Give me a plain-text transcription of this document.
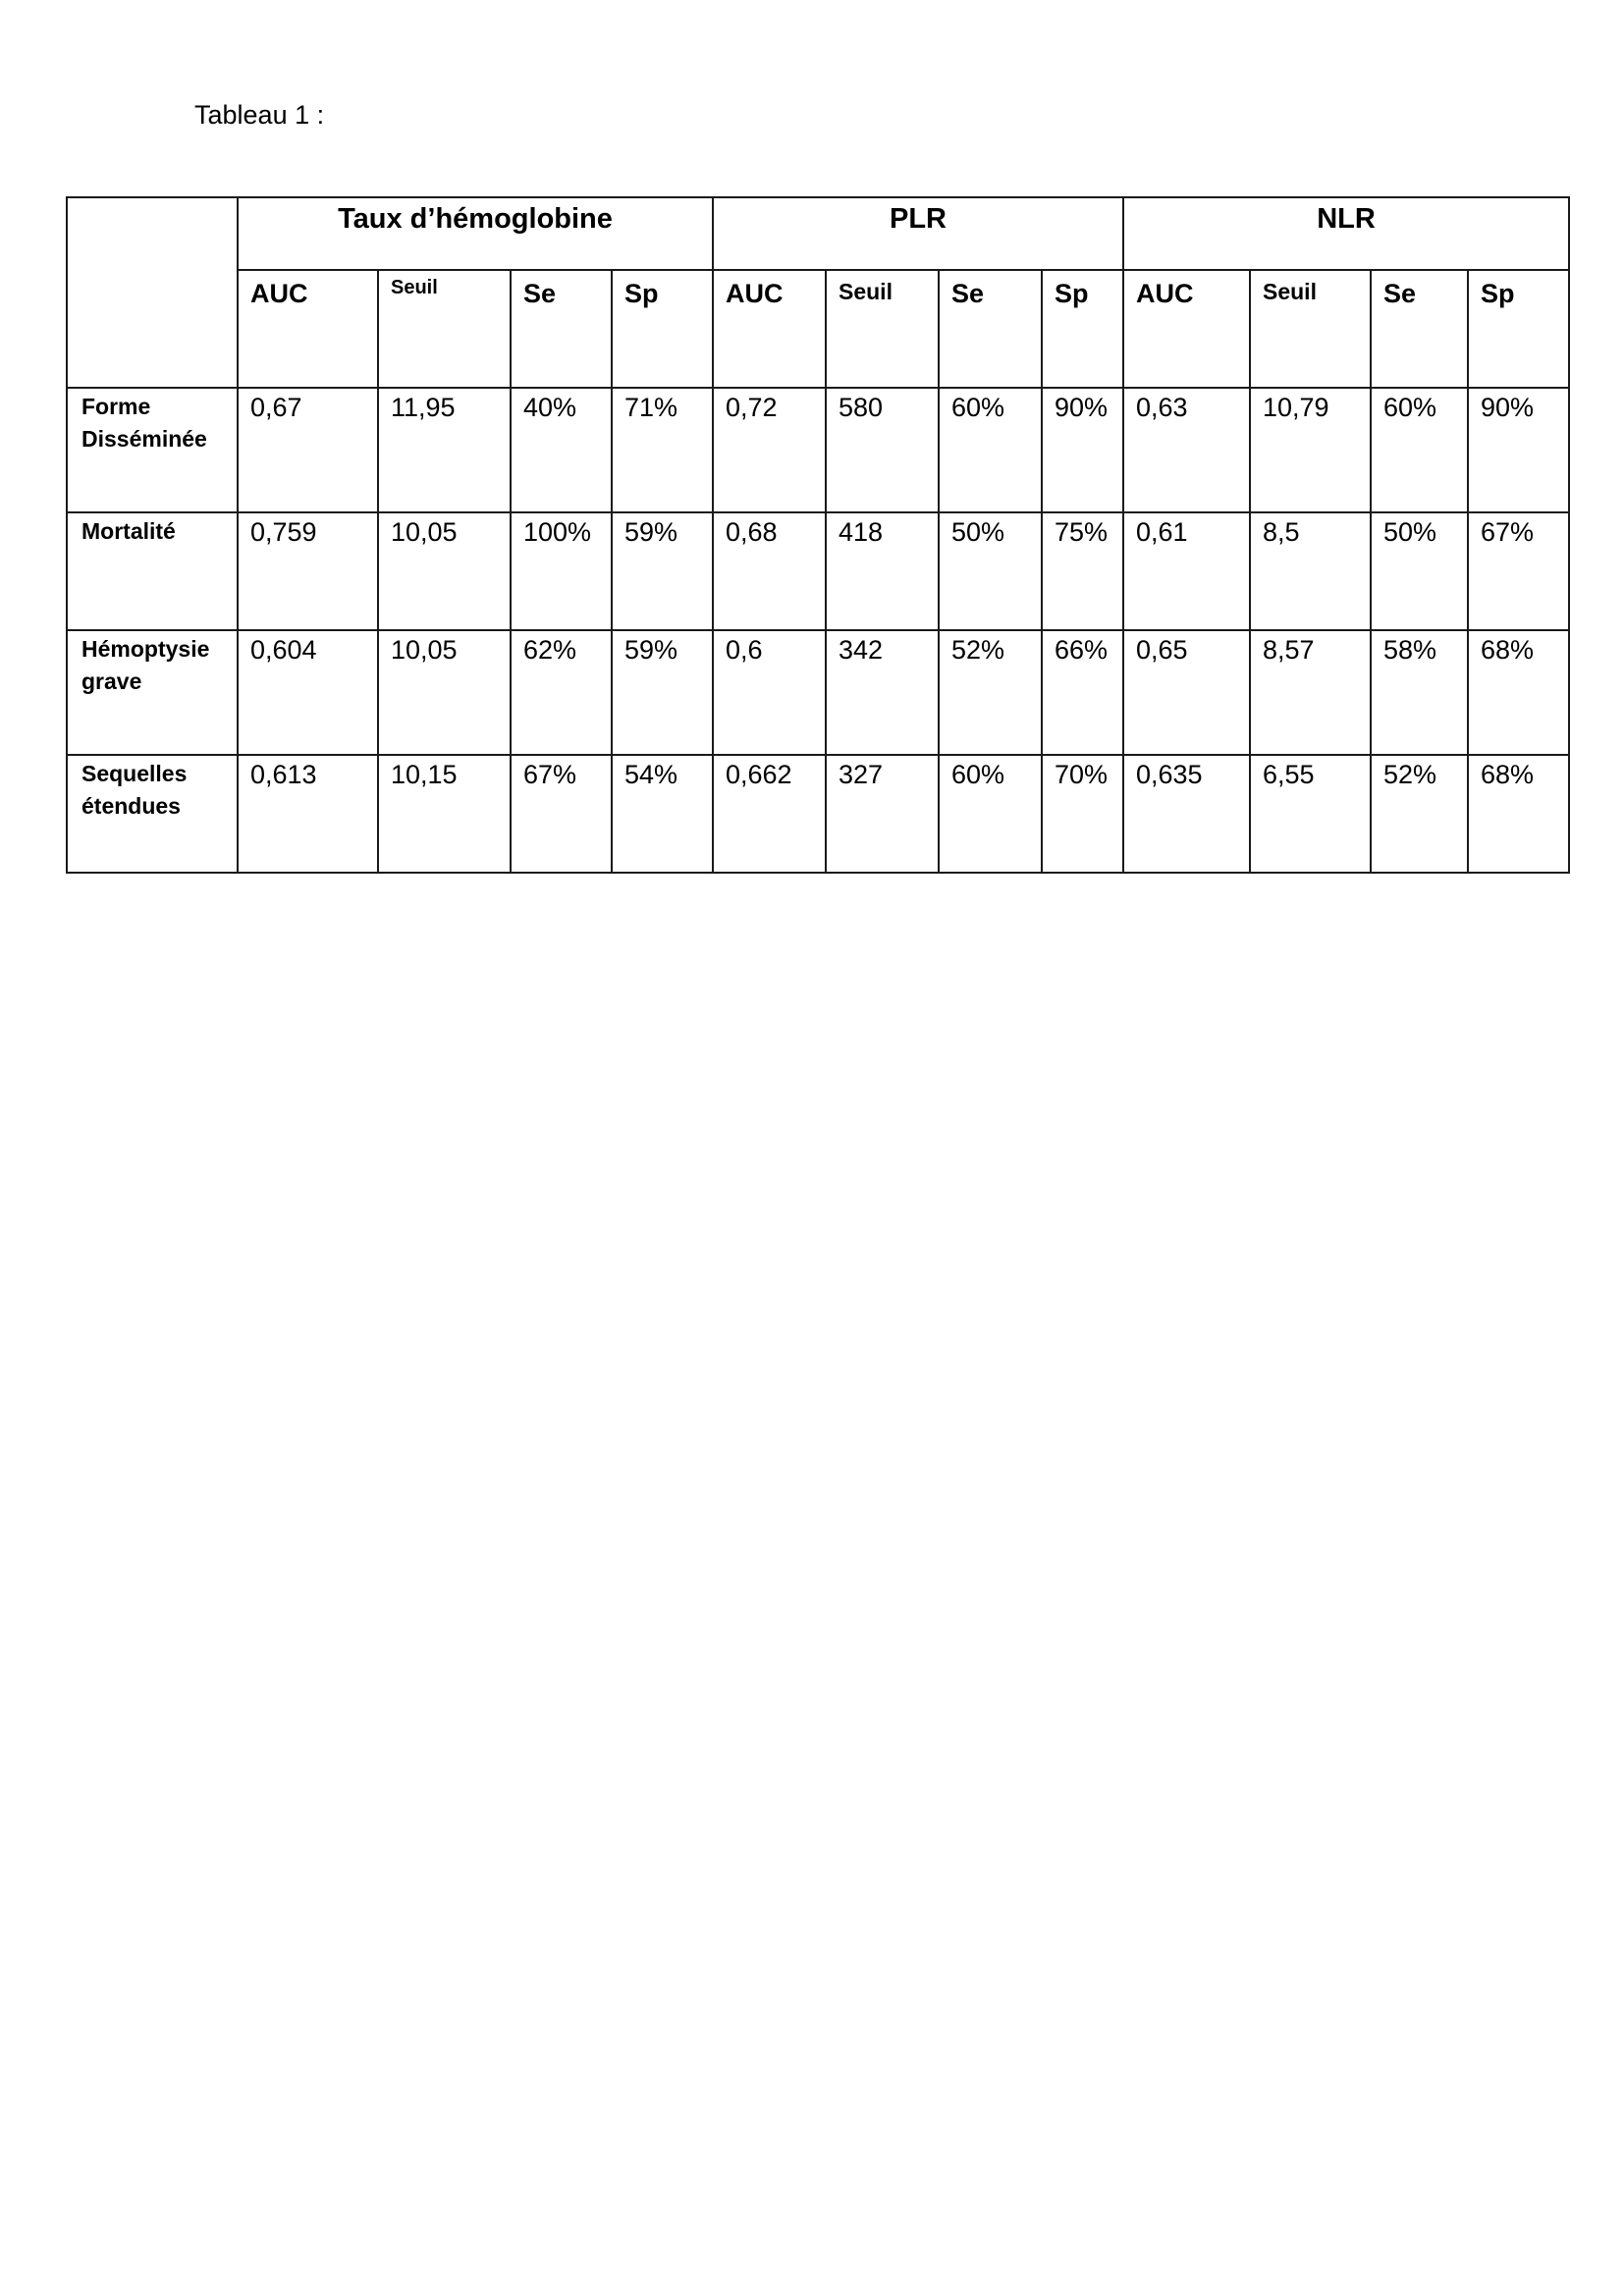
Tableau 1 :
	Taux d’hémoglobine				PLR				NLR			
	AUC	Seuil	Se	Sp	AUC	Seuil	Se	Sp	AUC	Seuil	Se	Sp

Forme
Disséminée	0,67	11,95	40%	71%	0,72	580	60%	90%	0,63	10,79	60%	90%

Mortalité	0,759	10,05	100%	59%	0,68	418	50%	75%	0,61	8,5	50%	67%

Hémoptysie
grave	0,604	10,05	62%	59%	0,6	342	52%	66%	0,65	8,57	58%	68%

Sequelles
étendues	0,613	10,15	67%	54%	0,662	327	60%	70%	0,635	6,55	52%	68%
